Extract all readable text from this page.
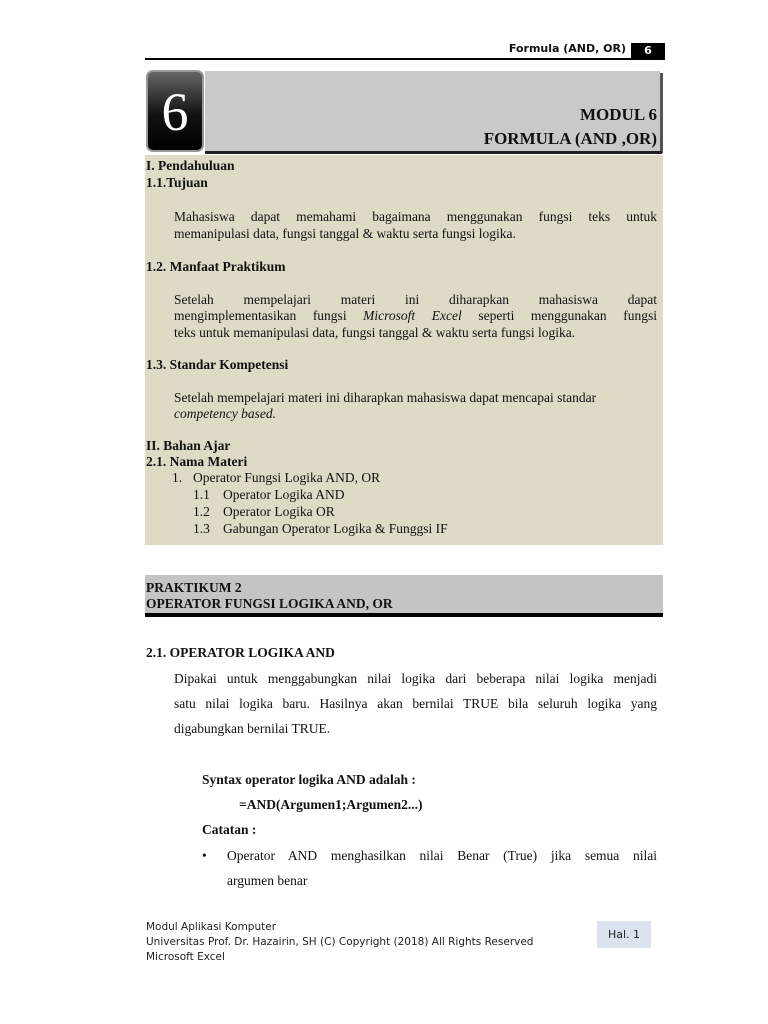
Formula (AND, OR)	6
6	MODUL 6
FORMULA (AND ,OR)
I. Pendahuluan
1.1.Tujuan
Mahasiswa dapat memahami bagaimana menggunakan fungsi teks untuk
memanipulasi data, fungsi tanggal & waktu serta fungsi logika.
1.2. Manfaat Praktikum
Setelah mempelajari materi ini diharapkan mahasiswa dapat
mengimplementasikan fungsi Microsoft Excel seperti menggunakan fungsi
teks untuk memanipulasi data, fungsi tanggal & waktu serta fungsi logika.
1.3. Standar Kompetensi
Setelah mempelajari materi ini diharapkan mahasiswa dapat mencapai standar
competency based.
II. Bahan Ajar
2.1. Nama Materi
1. Operator Fungsi Logika AND, OR
1.1 Operator Logika AND
1.2 Operator Logika OR
1.3 Gabungan Operator Logika & Funggsi IF
PRAKTIKUM 2
OPERATOR FUNGSI LOGIKA AND, OR
2.1. OPERATOR LOGIKA AND
Dipakai untuk menggabungkan nilai logika dari beberapa nilai logika menjadi
satu nilai logika baru. Hasilnya akan bernilai TRUE bila seluruh logika yang
digabungkan bernilai TRUE.
Syntax operator logika AND adalah :
=AND(Argumen1;Argumen2...)
Catatan :
• Operator AND menghasilkan nilai Benar (True) jika semua nilai
argumen benar
Modul Aplikasi Komputer
Universitas Prof. Dr. Hazairin, SH (C) Copyright (2018) All Rights Reserved
Microsoft Excel
Hal. 1
